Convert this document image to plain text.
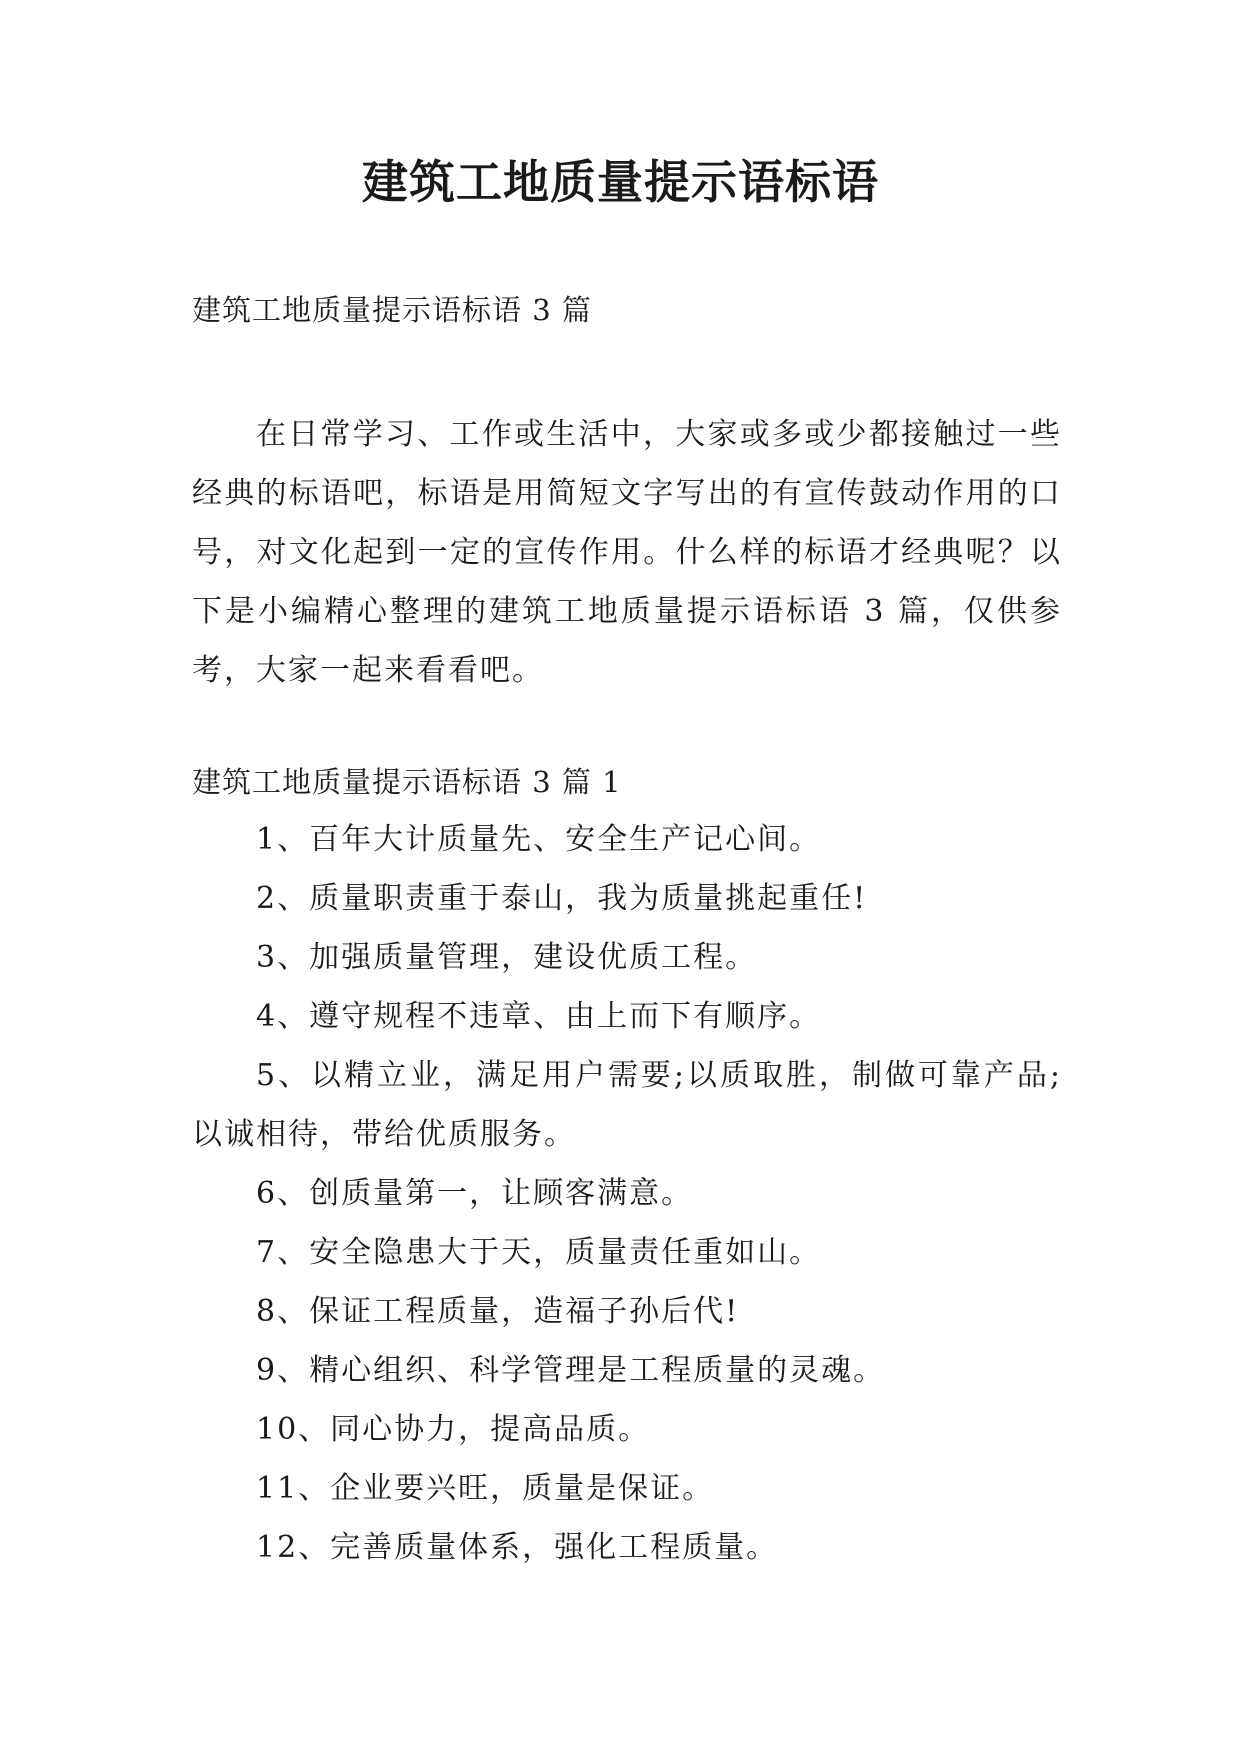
建筑工地质量提示语标语

建筑工地质量提示语标语 3 篇

在日常学习、工作或生活中，大家或多或少都接触过一些经典的标语吧，标语是用简短文字写出的有宣传鼓动作用的口号，对文化起到一定的宣传作用。什么样的标语才经典呢？以下是小编精心整理的建筑工地质量提示语标语 3 篇，仅供参考，大家一起来看看吧。

建筑工地质量提示语标语 3 篇 1

1、百年大计质量先、安全生产记心间。
2、质量职责重于泰山，我为质量挑起重任!
3、加强质量管理，建设优质工程。
4、遵守规程不违章、由上而下有顺序。
5、以精立业，满足用户需要;以质取胜，制做可靠产品;以诚相待，带给优质服务。
6、创质量第一，让顾客满意。
7、安全隐患大于天，质量责任重如山。
8、保证工程质量，造福子孙后代!
9、精心组织、科学管理是工程质量的灵魂。
10、同心协力，提高品质。
11、企业要兴旺，质量是保证。
12、完善质量体系，强化工程质量。
